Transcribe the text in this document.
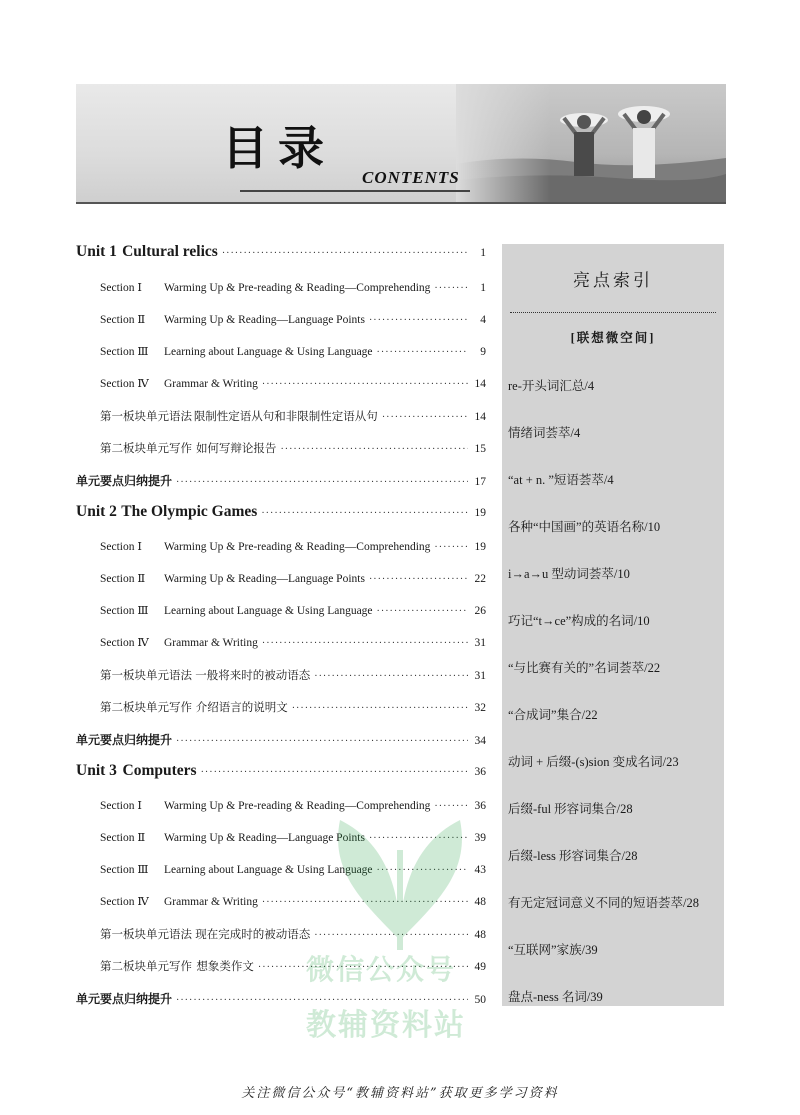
目录
CONTENTS
Unit 1 Cultural relics ·····	1
Section Ⅰ	Warming Up & Pre-reading & Reading—Comprehending ·····	1
Section Ⅱ	Warming Up & Reading—Language Points ·····	4
Section Ⅲ	Learning about Language & Using Language ·····	9
Section Ⅳ	Grammar & Writing ·····	14
第一板块单元语法 限制性定语从句和非限制性定语从句 ·····	14
第二板块单元写作 如何写辩论报告 ·····	15
单元要点归纳提升 ·····	17
Unit 2 The Olympic Games ·····	19
Section Ⅰ	Warming Up & Pre-reading & Reading—Comprehending ·····	19
Section Ⅱ	Warming Up & Reading—Language Points ·····	22
Section Ⅲ	Learning about Language & Using Language ·····	26
Section Ⅳ	Grammar & Writing ·····	31
第一板块单元语法 一般将来时的被动语态 ·····	31
第二板块单元写作 介绍语言的说明文 ·····	32
单元要点归纳提升 ·····	34
Unit 3 Computers ·····	36
Section Ⅰ	Warming Up & Pre-reading & Reading—Comprehending ·····	36
Section Ⅱ	Warming Up & Reading—Language Points ·····	39
Section Ⅲ	Learning about Language & Using Language ·····	43
Section Ⅳ	Grammar & Writing ·····	48
第一板块单元语法 现在完成时的被动语态 ·····	48
第二板块单元写作 想象类作文 ·····	49
单元要点归纳提升 ·····	50
亮点索引
[联想微空间]
re-开头词汇总/4
情绪词荟萃/4
“at + n. ”短语荟萃/4
各种“中国画”的英语名称/10
i→a→u 型动词荟萃/10
巧记“t→ce”构成的名词/10
“与比赛有关的”名词荟萃/22
“合成词”集合/22
动词 + 后缀-(s)sion 变成名词/23
后缀-ful 形容词集合/28
后缀-less 形容词集合/28
有无定冠词意义不同的短语荟萃/28
“互联网”家族/39
盘点-ness 名词/39
微信公众号
教辅资料站
关注微信公众号“教辅资料站”获取更多学习资料
